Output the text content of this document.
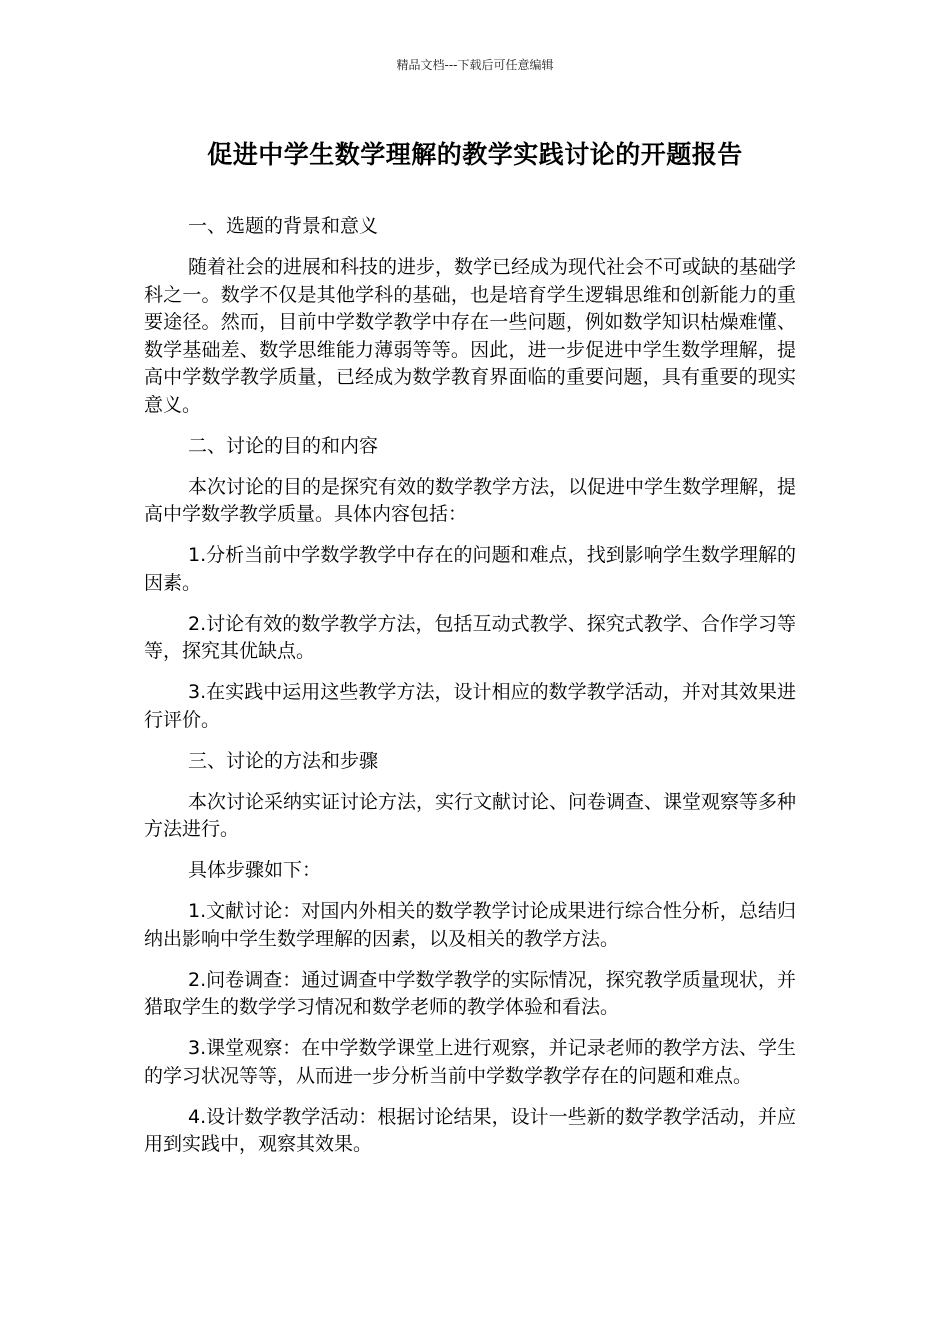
精品文档---下载后可任意编辑
促进中学生数学理解的教学实践讨论的开题报告

一、选题的背景和意义

随着社会的进展和科技的进步，数学已经成为现代社会不可或缺的基础学科之一。数学不仅是其他学科的基础，也是培育学生逻辑思维和创新能力的重要途径。然而，目前中学数学教学中存在一些问题，例如数学知识枯燥难懂、数学基础差、数学思维能力薄弱等等。因此，进一步促进中学生数学理解，提高中学数学教学质量，已经成为数学教育界面临的重要问题，具有重要的现实意义。

二、讨论的目的和内容

本次讨论的目的是探究有效的数学教学方法，以促进中学生数学理解，提高中学数学教学质量。具体内容包括：

1.分析当前中学数学教学中存在的问题和难点，找到影响学生数学理解的因素。

2.讨论有效的数学教学方法，包括互动式教学、探究式教学、合作学习等等，探究其优缺点。

3.在实践中运用这些教学方法，设计相应的数学教学活动，并对其效果进行评价。

三、讨论的方法和步骤

本次讨论采纳实证讨论方法，实行文献讨论、问卷调查、课堂观察等多种方法进行。

具体步骤如下：

1.文献讨论：对国内外相关的数学教学讨论成果进行综合性分析，总结归纳出影响中学生数学理解的因素，以及相关的教学方法。

2.问卷调查：通过调查中学数学教学的实际情况，探究教学质量现状，并猎取学生的数学学习情况和数学老师的教学体验和看法。

3.课堂观察：在中学数学课堂上进行观察，并记录老师的教学方法、学生的学习状况等等，从而进一步分析当前中学数学教学存在的问题和难点。

4.设计数学教学活动：根据讨论结果，设计一些新的数学教学活动，并应用到实践中，观察其效果。
